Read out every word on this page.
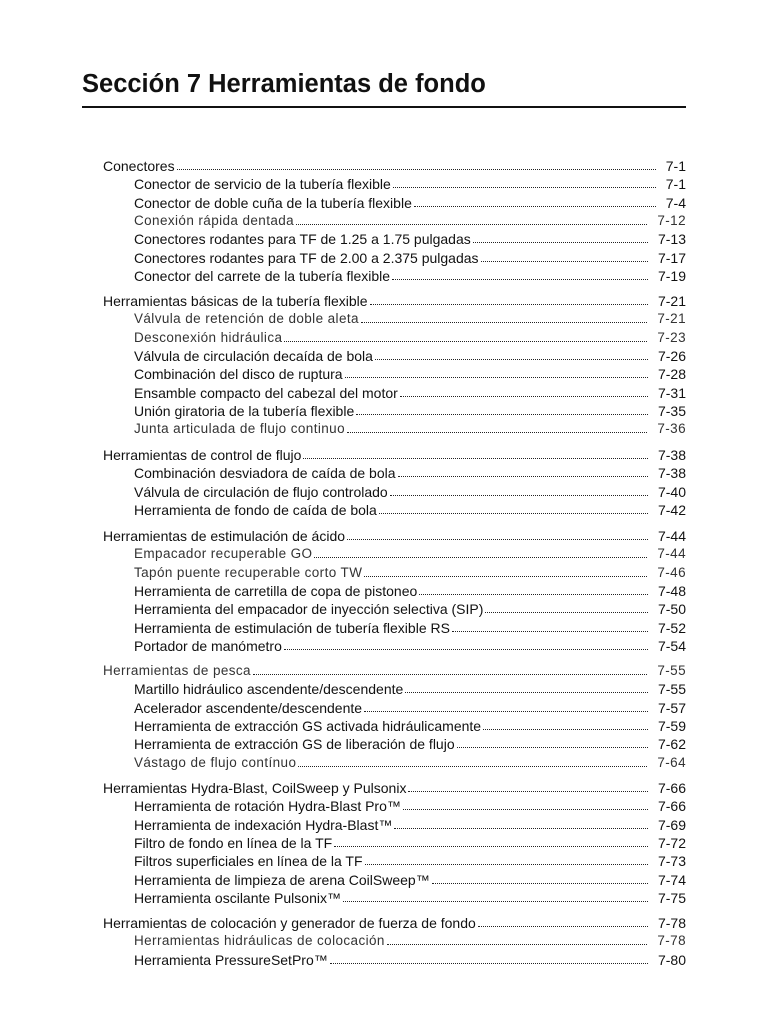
Sección 7 Herramientas de fondo
Conectores	7-1
Conector de servicio de la tubería flexible	7-1
Conector de doble cuña de la tubería flexible	7-4
Conexión rápida dentada	7-12
Conectores rodantes para TF de 1.25 a 1.75 pulgadas	7-13
Conectores rodantes para TF de 2.00 a 2.375 pulgadas	7-17
Conector del carrete de la tubería flexible	7-19
Herramientas básicas de la tubería flexible	7-21
Válvula de retención de doble aleta	7-21
Desconexión hidráulica	7-23
Válvula de circulación decaída de bola	7-26
Combinación del disco de ruptura	7-28
Ensamble compacto del cabezal del motor	7-31
Unión giratoria de la tubería flexible	7-35
Junta articulada de flujo continuo	7-36
Herramientas de control de flujo	7-38
Combinación desviadora de caída de bola	7-38
Válvula de circulación de flujo controlado	7-40
Herramienta de fondo de caída de bola	7-42
Herramientas de estimulación de ácido	7-44
Empacador recuperable GO	7-44
Tapón puente recuperable corto TW	7-46
Herramienta de carretilla de copa de pistoneo	7-48
Herramienta del empacador de inyección selectiva (SIP)	7-50
Herramienta de estimulación de tubería flexible RS	7-52
Portador de manómetro	7-54
Herramientas de pesca	7-55
Martillo hidráulico ascendente/descendente	7-55
Acelerador ascendente/descendente	7-57
Herramienta de extracción GS activada hidráulicamente	7-59
Herramienta de extracción GS de liberación de flujo	7-62
Vástago de flujo contínuo	7-64
Herramientas Hydra-Blast, CoilSweep y Pulsonix	7-66
Herramienta de rotación Hydra-Blast Pro™	7-66
Herramienta de indexación Hydra-Blast™	7-69
Filtro de fondo en línea de la TF	7-72
Filtros superficiales en línea de la TF	7-73
Herramienta de limpieza de arena CoilSweep™	7-74
Herramienta oscilante Pulsonix™	7-75
Herramientas de colocación y generador de fuerza de fondo	7-78
Herramientas hidráulicas de colocación	7-78
Herramienta PressureSetPro™	7-80
